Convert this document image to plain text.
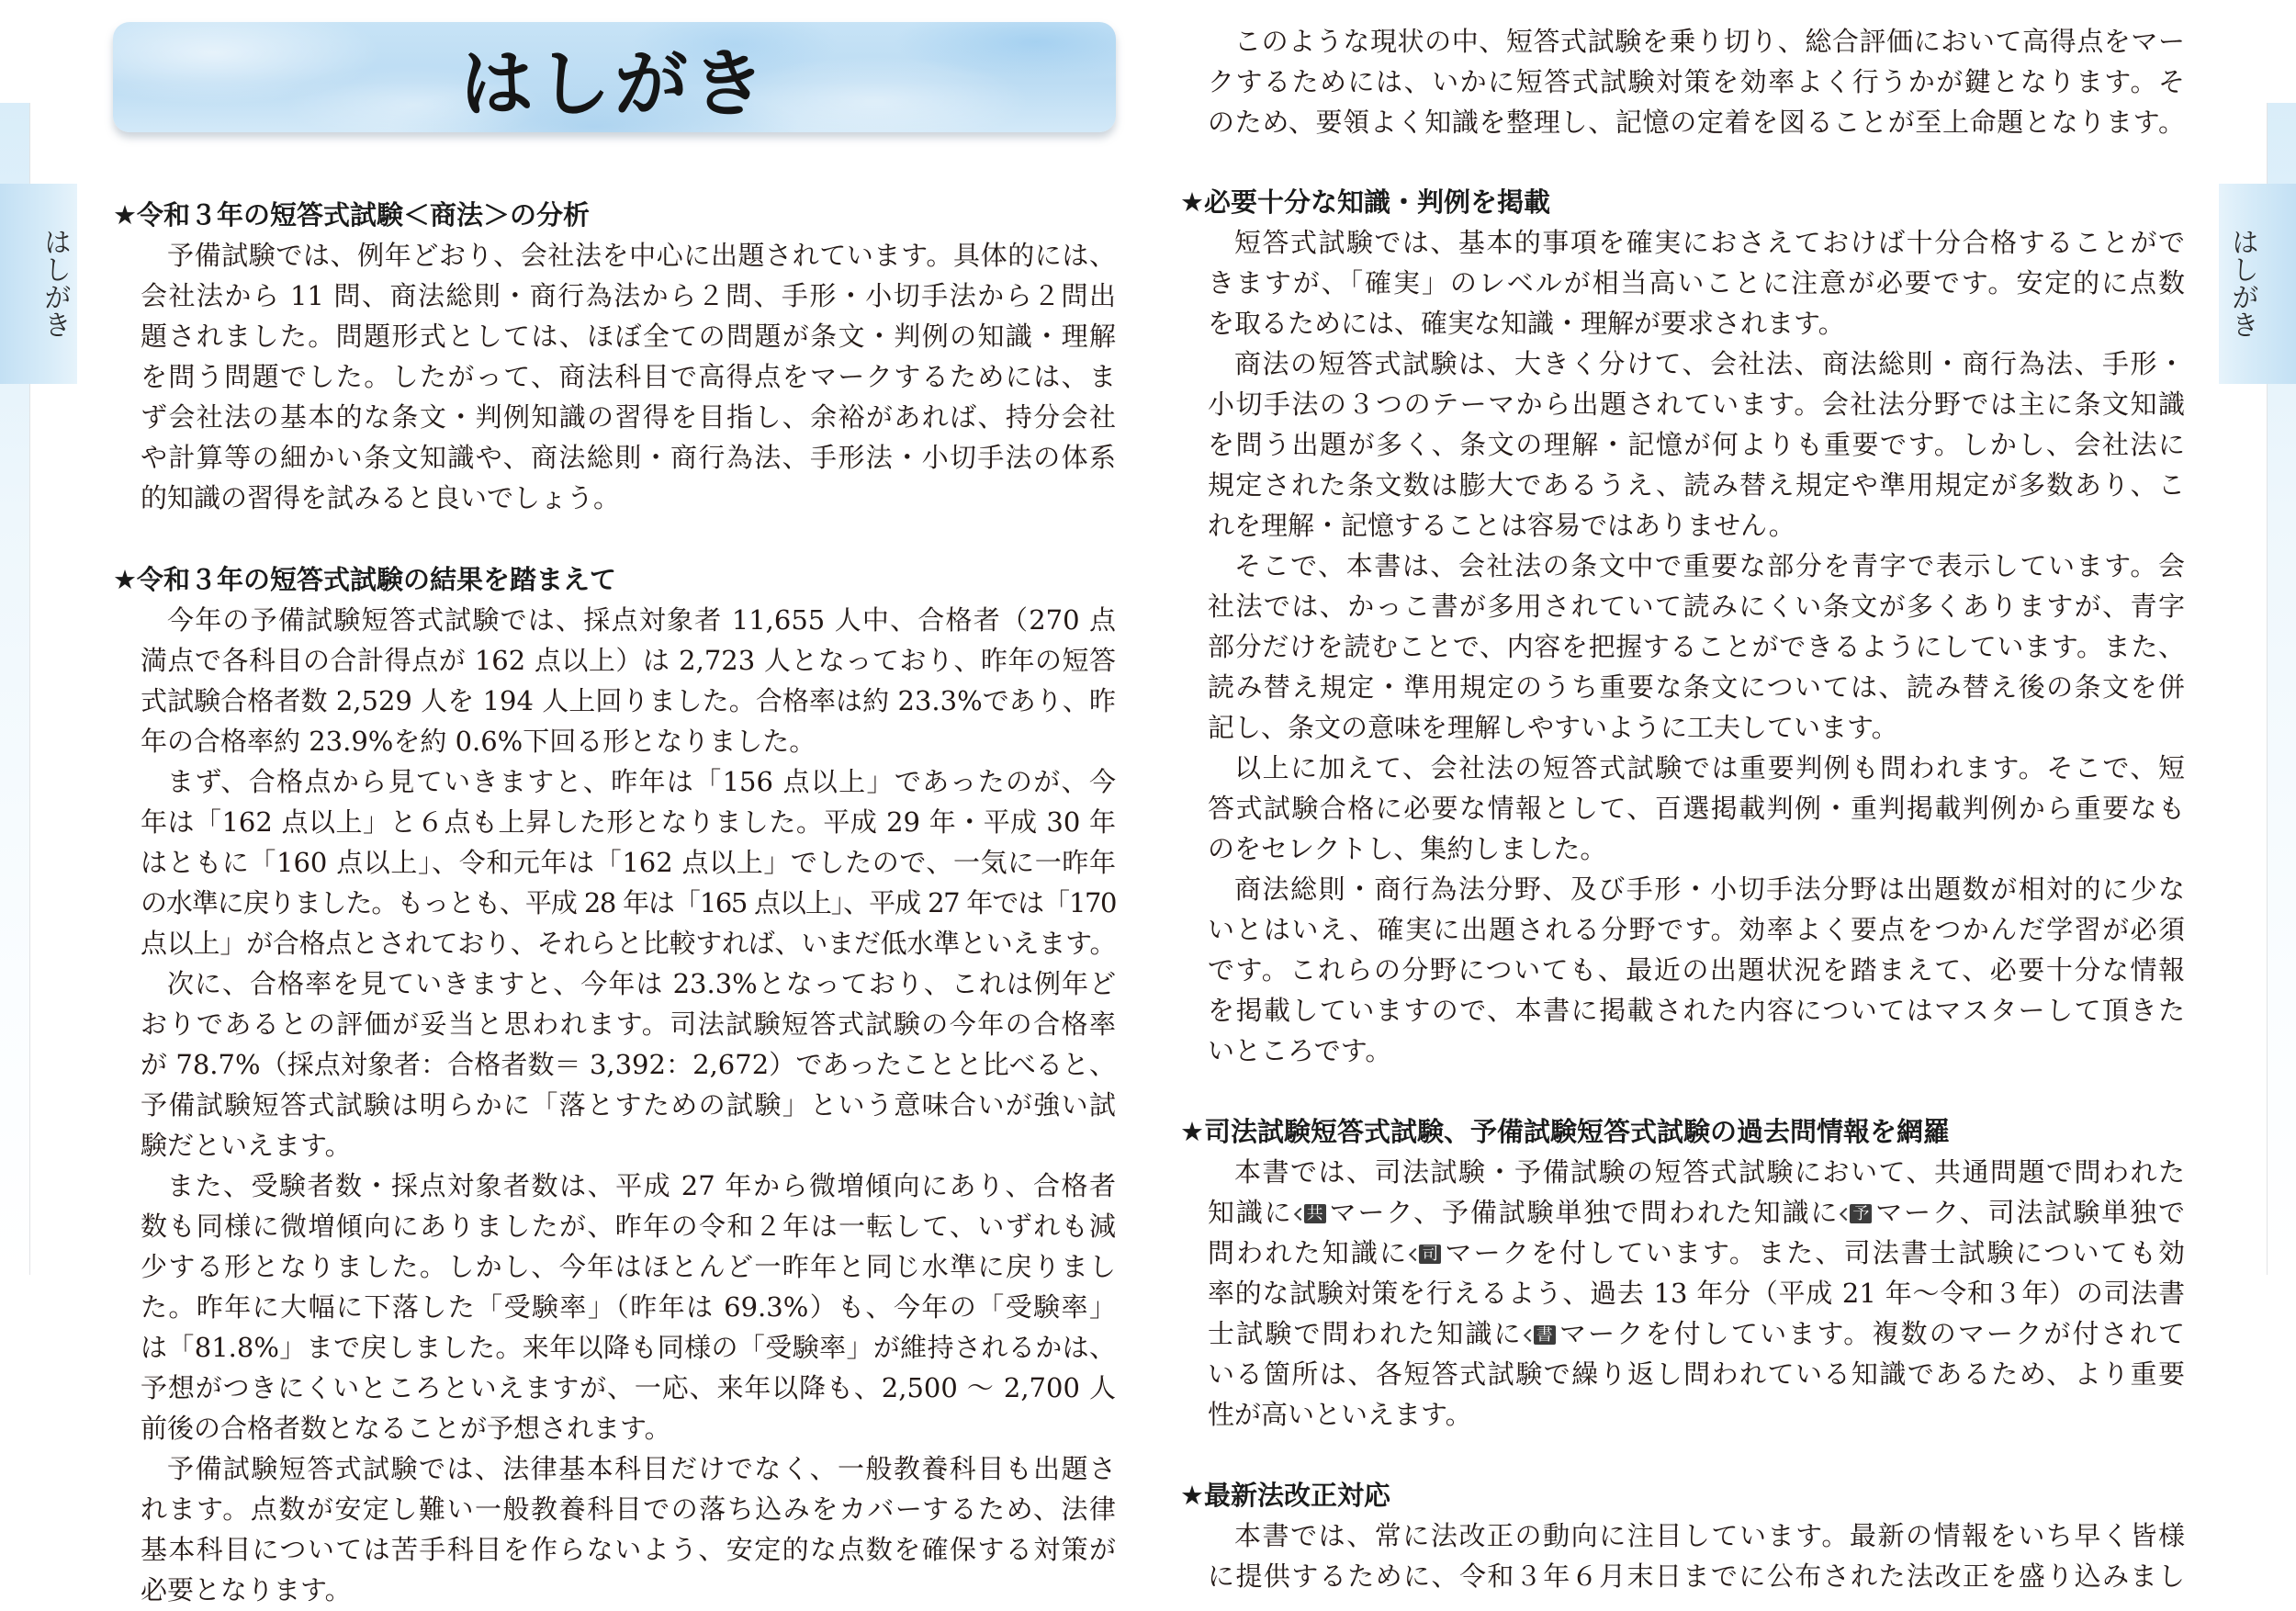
はしがき	はしがき
はしがき
★令和３年の短答式試験＜商法＞の分析
予備試験では、例年どおり、会社法を中心に出題されています。具体的には、
会社法から 11 問、商法総則・商行為法から２問、手形・小切手法から２問出
題されました。問題形式としては、ほぼ全ての問題が条文・判例の知識・理解
を問う問題でした。したがって、商法科目で高得点をマークするためには、ま
ず会社法の基本的な条文・判例知識の習得を目指し、余裕があれば、持分会社
や計算等の細かい条文知識や、商法総則・商行為法、手形法・小切手法の体系
的知識の習得を試みると良いでしょう。
★令和３年の短答式試験の結果を踏まえて
今年の予備試験短答式試験では、採点対象者 11,655 人中、合格者（270 点
満点で各科目の合計得点が 162 点以上）は 2,723 人となっており、昨年の短答
式試験合格者数 2,529 人を 194 人上回りました。合格率は約 23.3%であり、昨
年の合格率約 23.9%を約 0.6%下回る形となりました。
まず、合格点から見ていきますと、昨年は「156 点以上」であったのが、今
年は「162 点以上」と６点も上昇した形となりました。平成 29 年・平成 30 年
はともに「160 点以上」、令和元年は「162 点以上」でしたので、一気に一昨年
の水準に戻りました。もっとも、平成 28 年は「165 点以上」、平成 27 年では「170
点以上」が合格点とされており、それらと比較すれば、いまだ低水準といえます。
次に、合格率を見ていきますと、今年は 23.3%となっており、これは例年ど
おりであるとの評価が妥当と思われます。司法試験短答式試験の今年の合格率
が 78.7%（採点対象者：合格者数＝ 3,392：2,672）であったことと比べると、
予備試験短答式試験は明らかに「落とすための試験」という意味合いが強い試
験だといえます。
また、受験者数・採点対象者数は、平成 27 年から微増傾向にあり、合格者
数も同様に微増傾向にありましたが、昨年の令和２年は一転して、いずれも減
少する形となりました。しかし、今年はほとんど一昨年と同じ水準に戻りまし
た。昨年に大幅に下落した「受験率」（昨年は 69.3%）も、今年の「受験率」
は「81.8%」まで戻しました。来年以降も同様の「受験率」が維持されるかは、
予想がつきにくいところといえますが、一応、来年以降も、2,500 ～ 2,700 人
前後の合格者数となることが予想されます。
予備試験短答式試験では、法律基本科目だけでなく、一般教養科目も出題さ
れます。点数が安定し難い一般教養科目での落ち込みをカバーするため、法律
基本科目については苦手科目を作らないよう、安定的な点数を確保する対策が
必要となります。
このような現状の中、短答式試験を乗り切り、総合評価において高得点をマー
クするためには、いかに短答式試験対策を効率よく行うかが鍵となります。そ
のため、要領よく知識を整理し、記憶の定着を図ることが至上命題となります。
★必要十分な知識・判例を掲載
短答式試験では、基本的事項を確実におさえておけば十分合格することがで
きますが、「確実」のレベルが相当高いことに注意が必要です。安定的に点数
を取るためには、確実な知識・理解が要求されます。
商法の短答式試験は、大きく分けて、会社法、商法総則・商行為法、手形・
小切手法の３つのテーマから出題されています。会社法分野では主に条文知識
を問う出題が多く、条文の理解・記憶が何よりも重要です。しかし、会社法に
規定された条文数は膨大であるうえ、読み替え規定や準用規定が多数あり、こ
れを理解・記憶することは容易ではありません。
そこで、本書は、会社法の条文中で重要な部分を青字で表示しています。会
社法では、かっこ書が多用されていて読みにくい条文が多くありますが、青字
部分だけを読むことで、内容を把握することができるようにしています。また、
読み替え規定・準用規定のうち重要な条文については、読み替え後の条文を併
記し、条文の意味を理解しやすいように工夫しています。
以上に加えて、会社法の短答式試験では重要判例も問われます。そこで、短
答式試験合格に必要な情報として、百選掲載判例・重判掲載判例から重要なも
のをセレクトし、集約しました。
商法総則・商行為法分野、及び手形・小切手法分野は出題数が相対的に少な
いとはいえ、確実に出題される分野です。効率よく要点をつかんだ学習が必須
です。これらの分野についても、最近の出題状況を踏まえて、必要十分な情報
を掲載していますので、本書に掲載された内容についてはマスターして頂きた
いところです。
★司法試験短答式試験、予備試験短答式試験の過去問情報を網羅
本書では、司法試験・予備試験の短答式試験において、共通問題で問われた
知識に 共 マーク、予備試験単独で問われた知識に 予 マーク、司法試験単独で
問われた知識に 司 マークを付しています。また、司法書士試験についても効
率的な試験対策を行えるよう、過去 13 年分（平成 21 年～令和３年）の司法書
士試験で問われた知識に 書 マークを付しています。複数のマークが付されて
いる箇所は、各短答式試験で繰り返し問われている知識であるため、より重要
性が高いといえます。
★最新法改正対応
本書では、常に法改正の動向に注目しています。最新の情報をいち早く皆様
に提供するために、令和３年６月末日までに公布された法改正を盛り込みまし
